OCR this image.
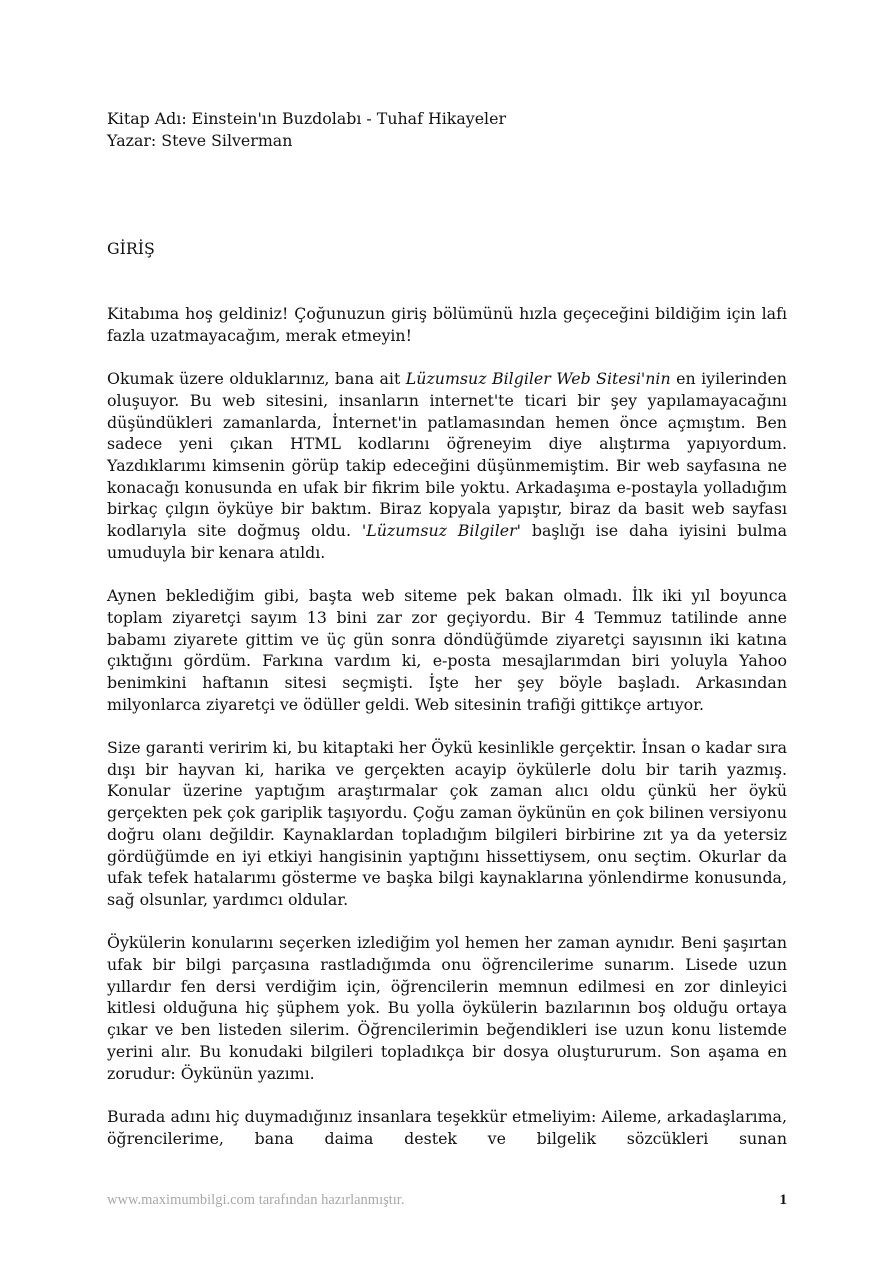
Kitap Adı: Einstein'ın Buzdolabı - Tuhaf Hikayeler
Yazar: Steve Silverman
GİRİŞ

Kitabıma hoş geldiniz! Çoğunuzun giriş bölümünü hızla geçeceğini bildiğim için lafı fazla uzatmayacağım, merak etmeyin!

Okumak üzere olduklarınız, bana ait Lüzumsuz Bilgiler Web Sitesi'nin en iyilerinden oluşuyor. Bu web sitesini, insanların internet'te ticari bir şey yapılamayacağını düşündükleri zamanlarda, İnternet'in patlamasından hemen önce açmıştım. Ben sadece yeni çıkan HTML kodlarını öğreneyim diye alıştırma yapıyordum. Yazdıklarımı kimsenin görüp takip edeceğini düşünmemiştim. Bir web sayfasına ne konacağı konusunda en ufak bir fikrim bile yoktu. Arkadaşıma e-postayla yolladığım birkaç çılgın öyküye bir baktım. Biraz kopyala yapıştır, biraz da basit web sayfası kodlarıyla site doğmuş oldu. 'Lüzumsuz Bilgiler' başlığı ise daha iyisini bulma umuduyla bir kenara atıldı.

Aynen beklediğim gibi, başta web siteme pek bakan olmadı. İlk iki yıl boyunca toplam ziyaretçi sayım 13 bini zar zor geçiyordu. Bir 4 Temmuz tatilinde anne babamı ziyarete gittim ve üç gün sonra döndüğümde ziyaretçi sayısının iki katına çıktığını gördüm. Farkına vardım ki, e-posta mesajlarımdan biri yoluyla Yahoo benimkini haftanın sitesi seçmişti. İşte her şey böyle başladı. Arkasından milyonlarca ziyaretçi ve ödüller geldi. Web sitesinin trafiği gittikçe artıyor.

Size garanti veririm ki, bu kitaptaki her Öykü kesinlikle gerçektir. İnsan o kadar sıra dışı bir hayvan ki, harika ve gerçekten acayip öykülerle dolu bir tarih yazmış. Konular üzerine yaptığım araştırmalar çok zaman alıcı oldu çünkü her öykü gerçekten pek çok gariplik taşıyordu. Çoğu zaman öykünün en çok bilinen versiyonu doğru olanı değildir. Kaynaklardan topladığım bilgileri birbirine zıt ya da yetersiz gördüğümde en iyi etkiyi hangisinin yaptığını hissettiysem, onu seçtim. Okurlar da ufak tefek hatalarımı gösterme ve başka bilgi kaynaklarına yönlendirme konusunda, sağ olsunlar, yardımcı oldular.

Öykülerin konularını seçerken izlediğim yol hemen her zaman aynıdır. Beni şaşırtan ufak bir bilgi parçasına rastladığımda onu öğrencilerime sunarım. Lisede uzun yıllardır fen dersi verdiğim için, öğrencilerin memnun edilmesi en zor dinleyici kitlesi olduğuna hiç şüphem yok. Bu yolla öykülerin bazılarının boş olduğu ortaya çıkar ve ben listeden silerim. Öğrencilerimin beğendikleri ise uzun konu listemde yerini alır. Bu konudaki bilgileri topladıkça bir dosya oluştururum. Son aşama en zorudur: Öykünün yazımı.

Burada adını hiç duymadığınız insanlara teşekkür etmeliyim: Aileme, arkadaşlarıma, öğrencilerime, bana daima destek ve bilgelik sözcükleri sunan

www.maximumbilgi.com tarafından hazırlanmıştır.	1
